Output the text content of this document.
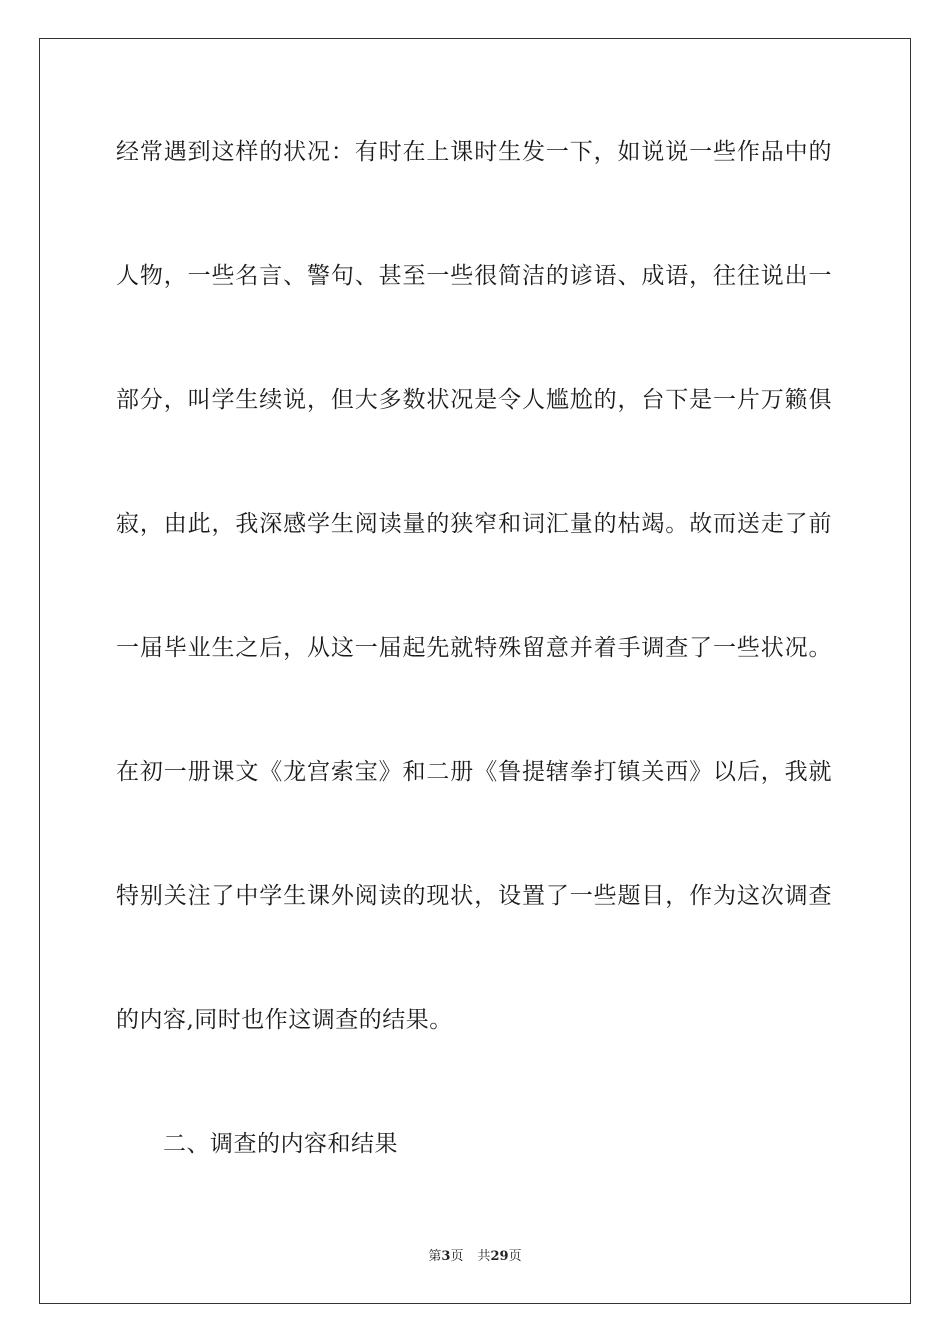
经常遇到这样的状况：有时在上课时生发一下，如说说一些作品中的
人物，一些名言、警句、甚至一些很简洁的谚语、成语，往往说出一
部分，叫学生续说，但大多数状况是令人尴尬的，台下是一片万籁俱
寂，由此，我深感学生阅读量的狭窄和词汇量的枯竭。故而送走了前
一届毕业生之后，从这一届起先就特殊留意并着手调查了一些状况。
在初一册课文《龙宫索宝》和二册《鲁提辖拳打镇关西》以后，我就
特别关注了中学生课外阅读的现状，设置了一些题目，作为这次调查
的内容,同时也作这调查的结果。
二、调查的内容和结果
第3页 共29页
